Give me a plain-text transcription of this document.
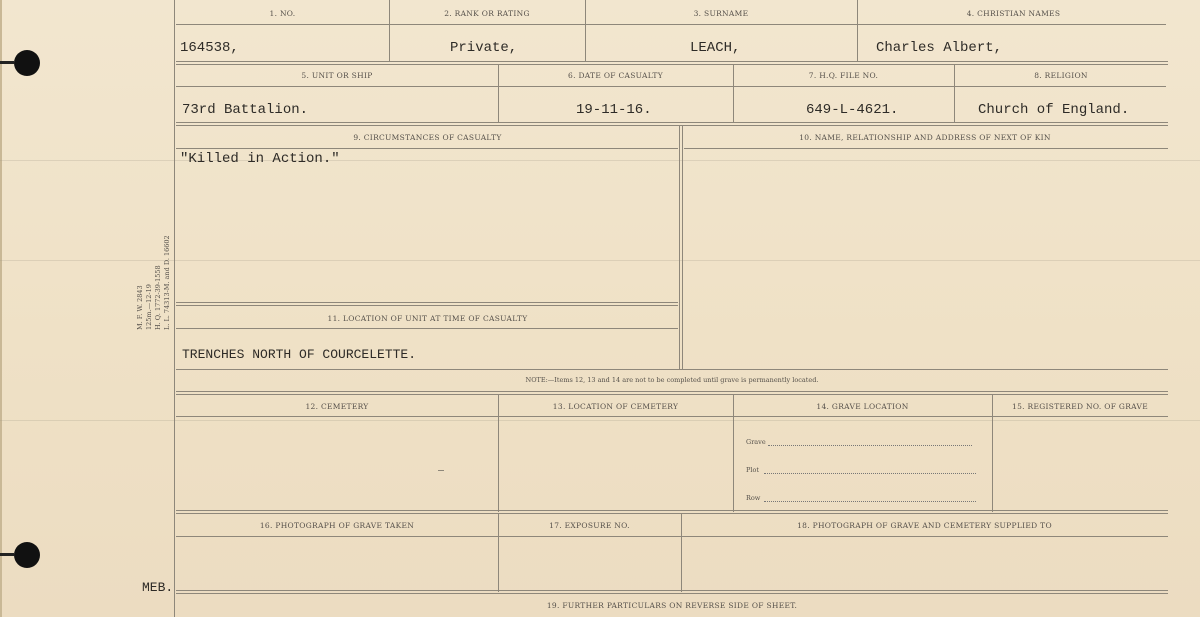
M. F. W. 2843 125m.—12-19 H. Q. 1772-39-1558 L. L. 74313-M. and D. 16602
MEB.
1. NO.	2. RANK OR RATING	3. SURNAME	4. CHRISTIAN NAMES
164538,	Private,	LEACH,	Charles Albert,
5. UNIT OR SHIP	6. DATE OF CASUALTY	7. H.Q. FILE NO.	8. RELIGION
73rd Battalion.	19-11-16.	649-L-4621.	Church of England.
9. CIRCUMSTANCES OF CASUALTY	10. NAME, RELATIONSHIP AND ADDRESS OF NEXT OF KIN
"Killed in Action."
11. LOCATION OF UNIT AT TIME OF CASUALTY
TRENCHES NORTH OF COURCELETTE.
NOTE:—Items 12, 13 and 14 are not to be completed until grave is permanently located.
12. CEMETERY	13. LOCATION OF CEMETERY	14. GRAVE LOCATION	15. REGISTERED NO. OF GRAVE
Grave
Plot
Row
16. PHOTOGRAPH OF GRAVE TAKEN	17. EXPOSURE NO.	18. PHOTOGRAPH OF GRAVE AND CEMETERY SUPPLIED TO
19. FURTHER PARTICULARS ON REVERSE SIDE OF SHEET.
